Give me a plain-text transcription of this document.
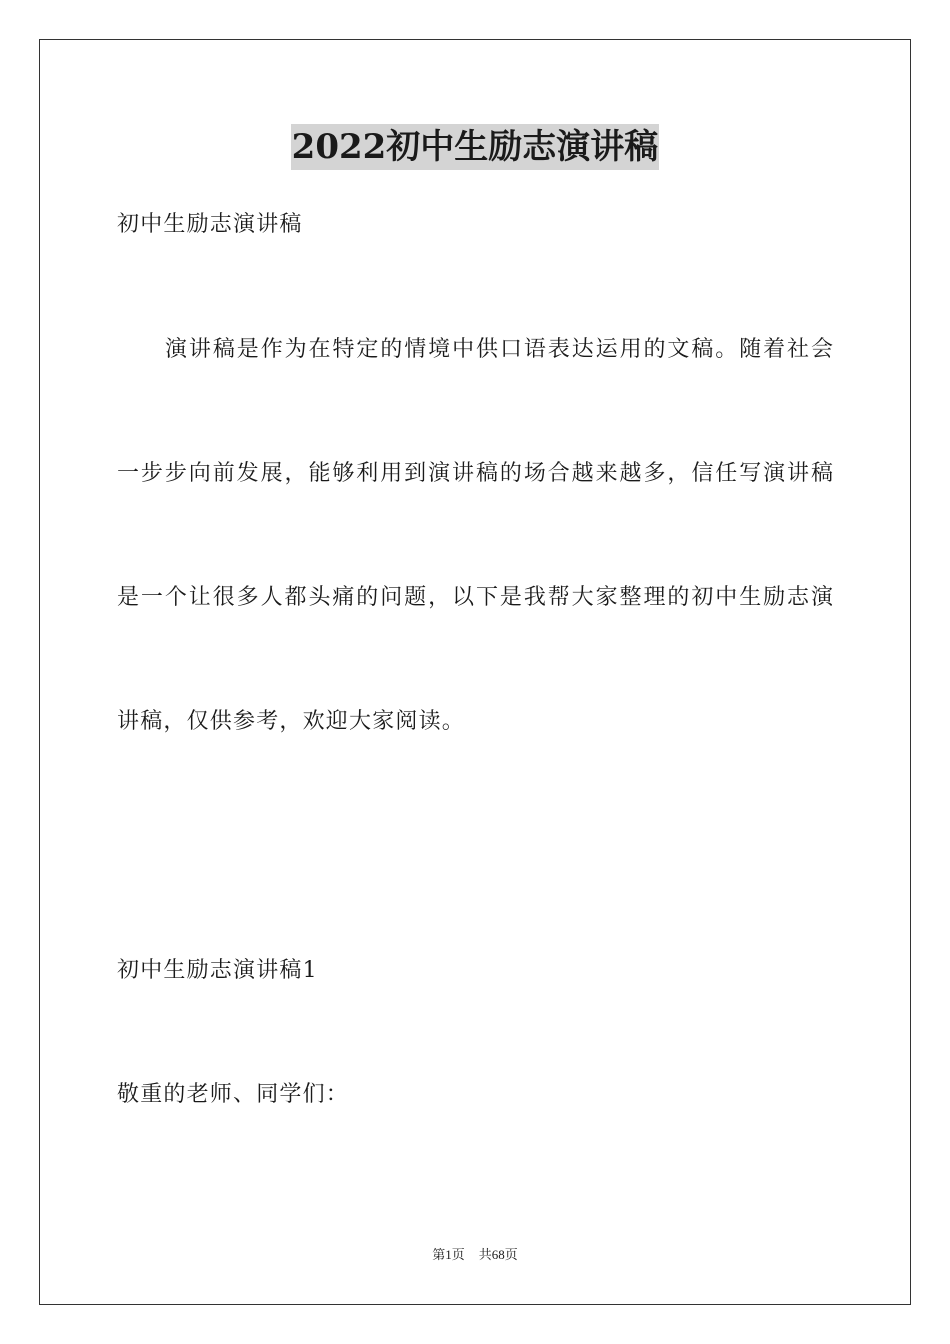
2022初中生励志演讲稿
初中生励志演讲稿
演讲稿是作为在特定的情境中供口语表达运用的文稿。随着社会
一步步向前发展，能够利用到演讲稿的场合越来越多，信任写演讲稿
是一个让很多人都头痛的问题，以下是我帮大家整理的初中生励志演
讲稿，仅供参考，欢迎大家阅读。
初中生励志演讲稿1
敬重的老师、同学们：
第1页 共68页
